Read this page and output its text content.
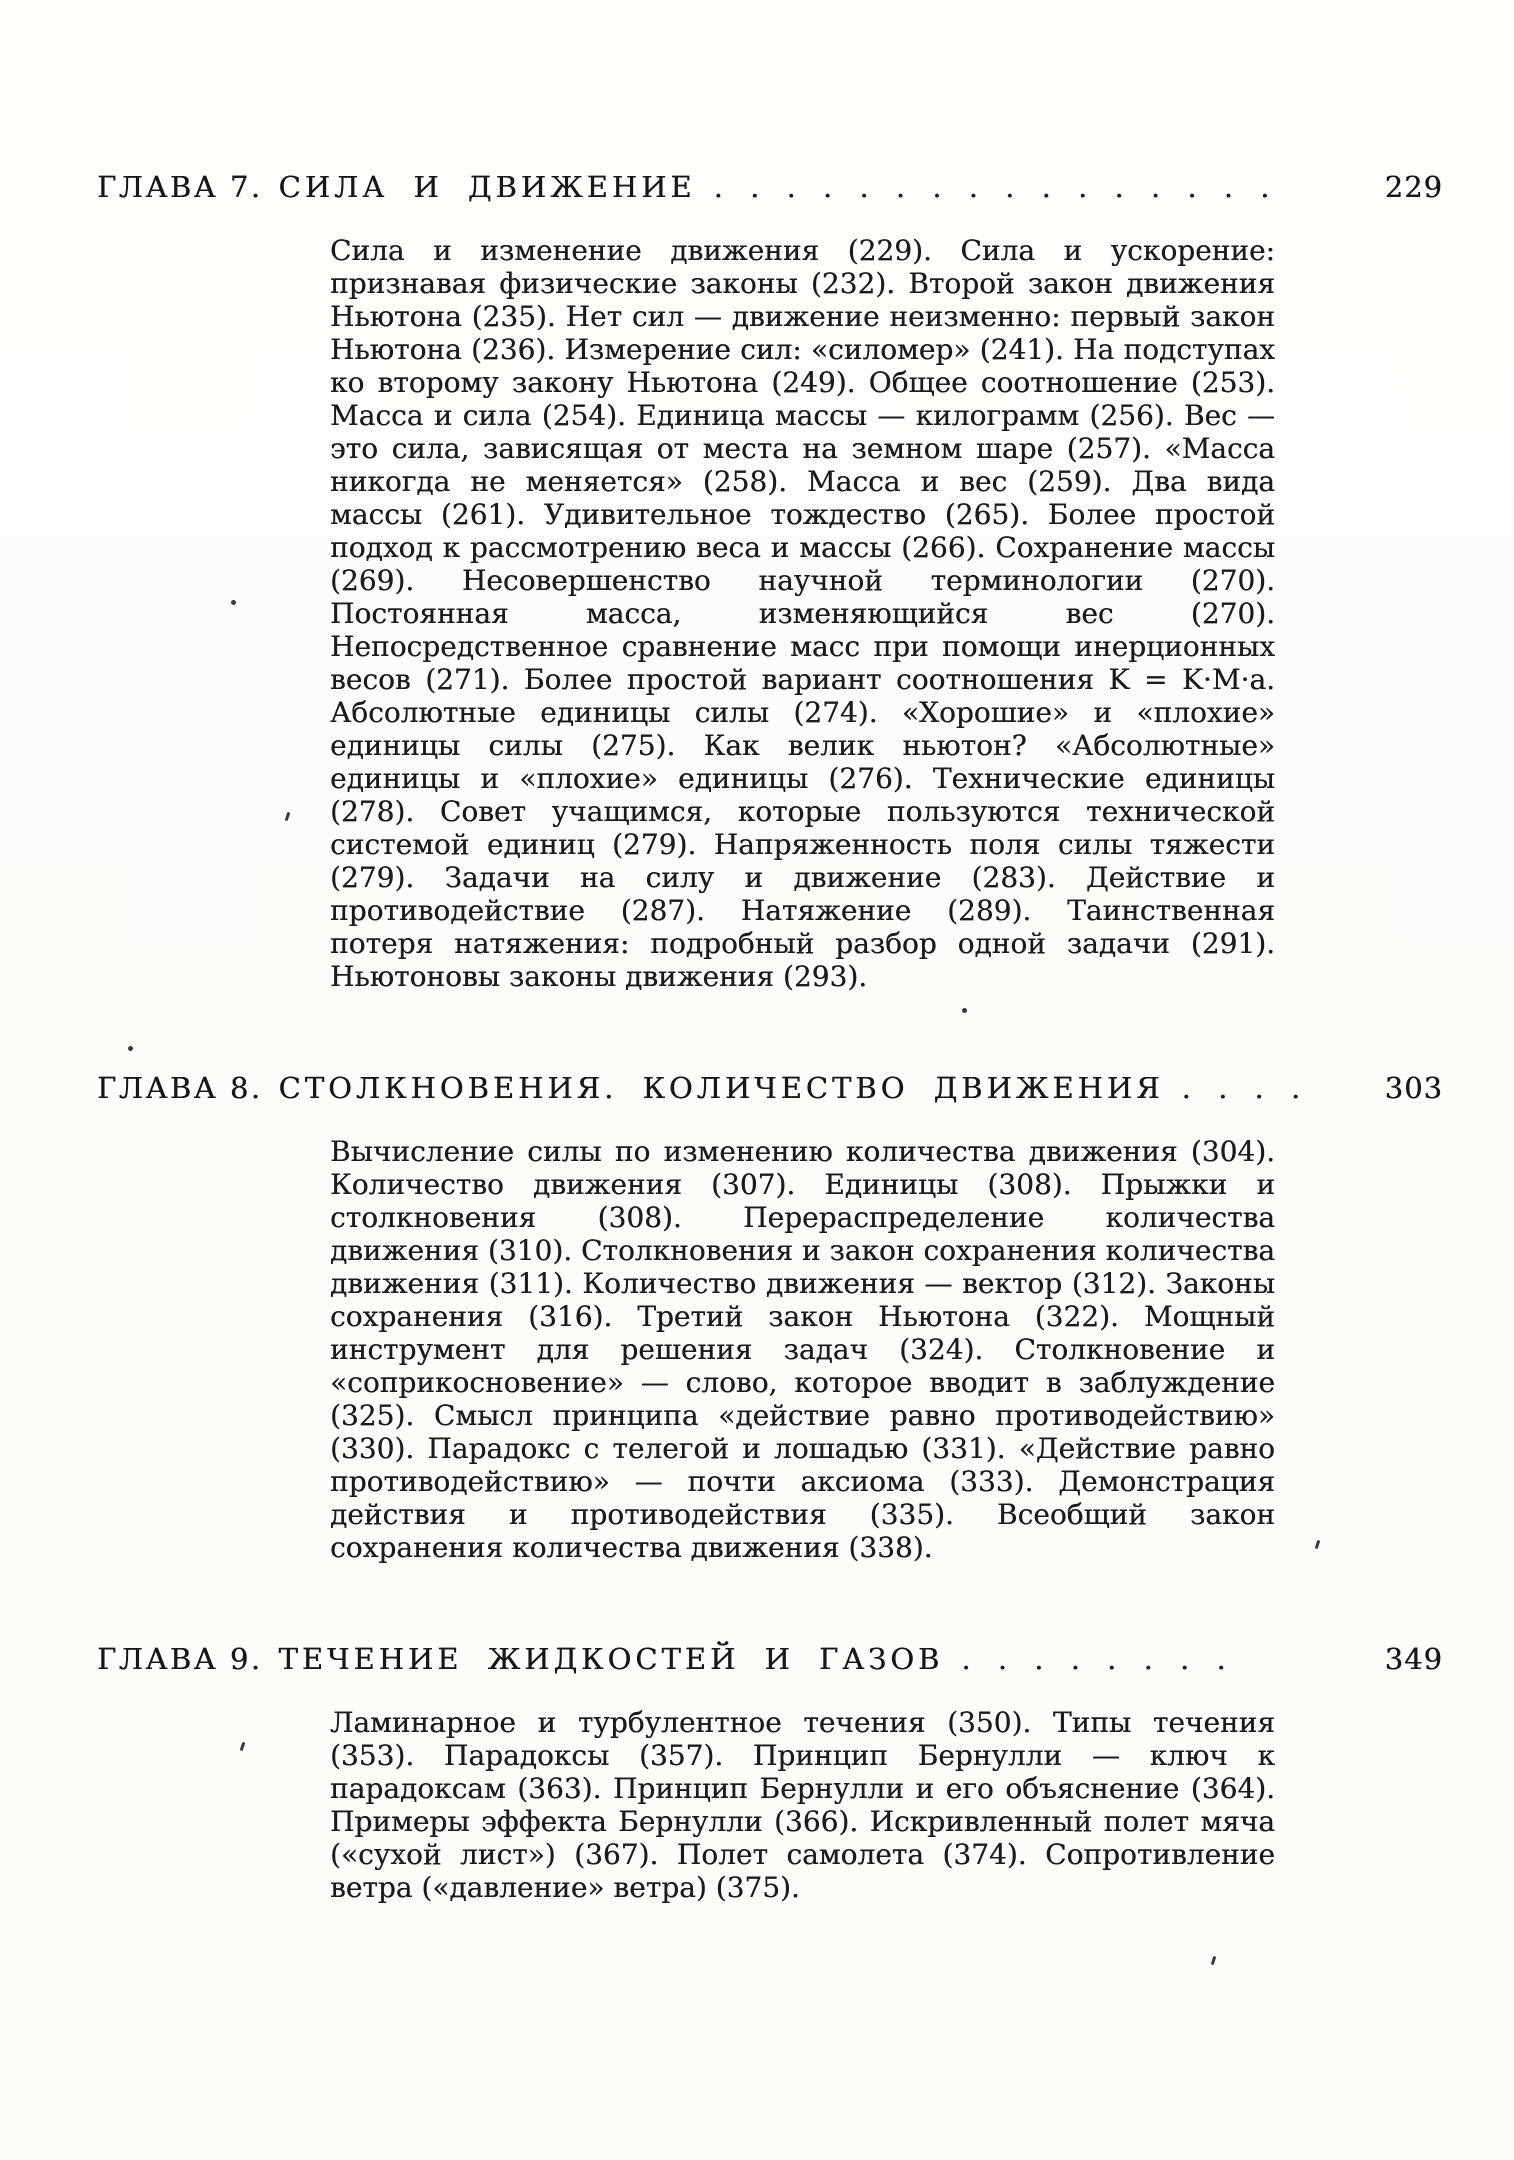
ГЛАВА 7. СИЛА И ДВИЖЕНИЕ . . . . . . . . . . . . . . . .	229
Сила и изменение движения (229). Сила и ускорение: признавая физические законы (232). Второй закон движения Ньютона (235). Нет сил — движение неизменно: первый закон Ньютона (236). Измерение сил: «силомер» (241). На подступах ко второму закону Ньютона (249). Общее соотношение (253). Масса и сила (254). Единица массы — килограмм (256). Вес — это сила, зависящая от места на земном шаре (257). «Масса никогда не меняется» (258). Масса и вес (259). Два вида массы (261). Удивительное тождество (265). Более простой подход к рассмотрению веса и массы (266). Сохранение массы (269). Несовершенство научной терминологии (270). Постоянная масса, изменяющийся вес (270). Непосредственное сравнение масс при помощи инерционных весов (271). Более простой вариант соотношения K = K·M·a. Абсолютные единицы силы (274). «Хорошие» и «плохие» единицы силы (275). Как велик ньютон? «Абсолютные» единицы и «плохие» единицы (276). Технические единицы (278). Совет учащимся, которые пользуются технической системой единиц (279). Напряженность поля силы тяжести (279). Задачи на силу и движение (283). Действие и противодействие (287). Натяжение (289). Таинственная потеря натяжения: подробный разбор одной задачи (291). Ньютоновы законы движения (293).
ГЛАВА 8. СТОЛКНОВЕНИЯ. КОЛИЧЕСТВО ДВИЖЕНИЯ . . . .	303
Вычисление силы по изменению количества движения (304). Количество движения (307). Единицы (308). Прыжки и столкновения (308). Перераспределение количества движения (310). Столкновения и закон сохранения количества движения (311). Количество движения — вектор (312). Законы сохранения (316). Третий закон Ньютона (322). Мощный инструмент для решения задач (324). Столкновение и «соприкосновение» — слово, которое вводит в заблуждение (325). Смысл принципа «действие равно противодействию» (330). Парадокс с телегой и лошадью (331). «Действие равно противодействию» — почти аксиома (333). Демонстрация действия и противодействия (335). Всеобщий закон сохранения количества движения (338).
ГЛАВА 9. ТЕЧЕНИЕ ЖИДКОСТЕЙ И ГАЗОВ . . . . . . . .	349
Ламинарное и турбулентное течения (350). Типы течения (353). Парадоксы (357). Принцип Бернулли — ключ к парадоксам (363). Принцип Бернулли и его объяснение (364). Примеры эффекта Бернулли (366). Искривленный полет мяча («сухой лист») (367). Полет самолета (374). Сопротивление ветра («давление» ветра) (375).
